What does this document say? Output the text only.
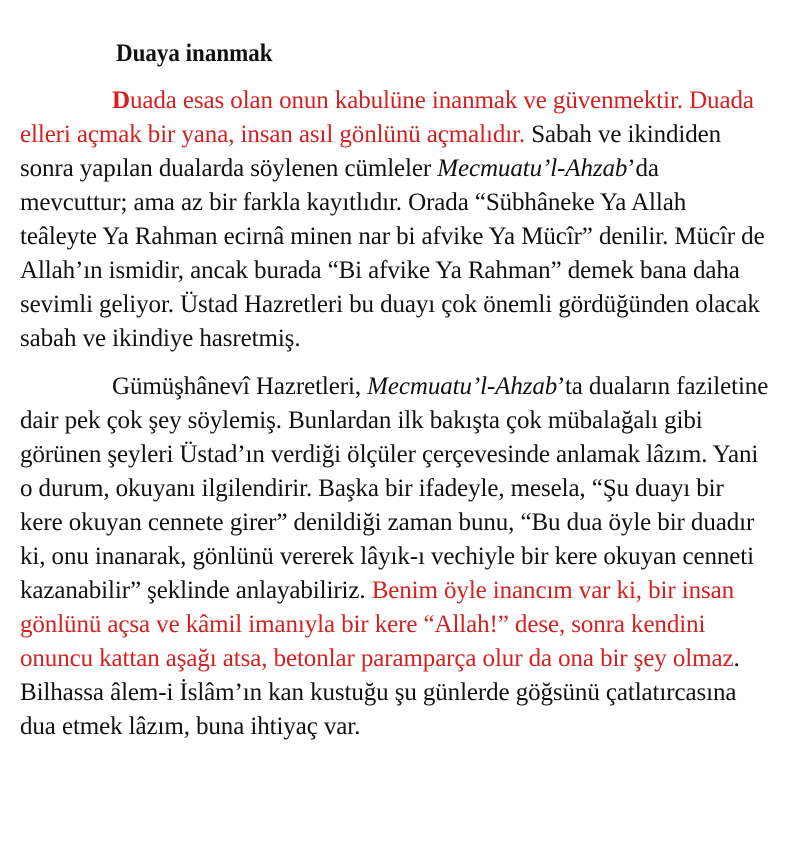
Duaya inanmak
Duada esas olan onun kabulüne inanmak ve güvenmektir. Duada
elleri açmak bir yana, insan asıl gönlünü açmalıdır. Sabah ve ikindiden
sonra yapılan dualarda söylenen cümleler Mecmuatu’l-Ahzab’da
mevcuttur; ama az bir farkla kayıtlıdır. Orada “Sübhâneke Ya Allah
teâleyte Ya Rahman ecirnâ minen nar bi afvike Ya Mücîr” denilir. Mücîr de
Allah’ın ismidir, ancak burada “Bi afvike Ya Rahman” demek bana daha
sevimli geliyor. Üstad Hazretleri bu duayı çok önemli gördüğünden olacak
sabah ve ikindiye hasretmiş.
Gümüşhânevî Hazretleri, Mecmuatu’l-Ahzab’ta duaların faziletine
dair pek çok şey söylemiş. Bunlardan ilk bakışta çok mübalağalı gibi
görünen şeyleri Üstad’ın verdiği ölçüler çerçevesinde anlamak lâzım. Yani
o durum, okuyanı ilgilendirir. Başka bir ifadeyle, mesela, “Şu duayı bir
kere okuyan cennete girer” denildiği zaman bunu, “Bu dua öyle bir duadır
ki, onu inanarak, gönlünü vererek lâyık-ı vechiyle bir kere okuyan cenneti
kazanabilir” şeklinde anlayabiliriz. Benim öyle inancım var ki, bir insan
gönlünü açsa ve kâmil imanıyla bir kere “Allah!” dese, sonra kendini
onuncu kattan aşağı atsa, betonlar paramparça olur da ona bir şey olmaz.
Bilhassa âlem-i İslâm’ın kan kustuğu şu günlerde göğsünü çatlatırcasına
dua etmek lâzım, buna ihtiyaç var.
